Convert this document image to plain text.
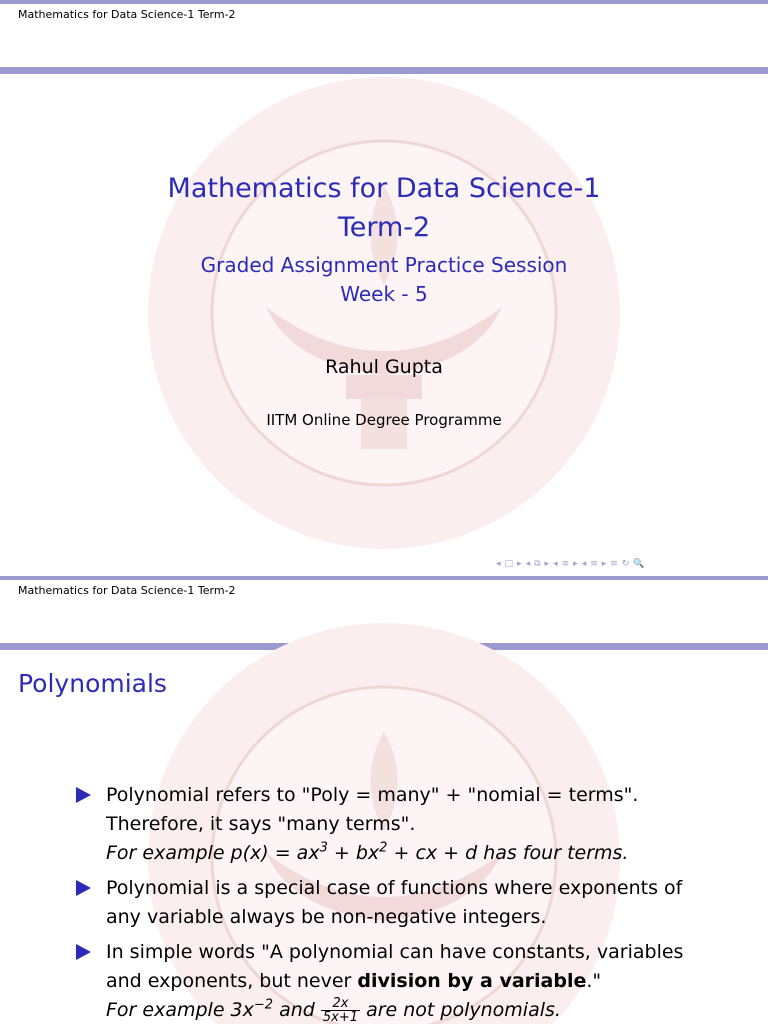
Mathematics for Data Science-1 Term-2
Mathematics for Data Science-1
Term-2
Graded Assignment Practice Session
Week - 5
Rahul Gupta
IITM Online Degree Programme
◂ □ ▸ ◂ ⧉ ▸ ◂ ≡ ▸ ◂ ≡ ▸ ≡ ↻ 🔍
Mathematics for Data Science-1 Term-2
Polynomials
Polynomial refers to "Poly = many" + "nomial = terms".
Therefore, it says "many terms".
For example $p(x) = ax^3 + bx^2$ + cx + d has four terms.
Polynomial is a special case of functions where exponents of
any variable always be non-negative integers.
In simple words "A polynomial can have constants, variables
and exponents, but never division by a variable."
For example $3x^{-2}$ and $\frac{2x}{5x+1}$ are not polynomials.
